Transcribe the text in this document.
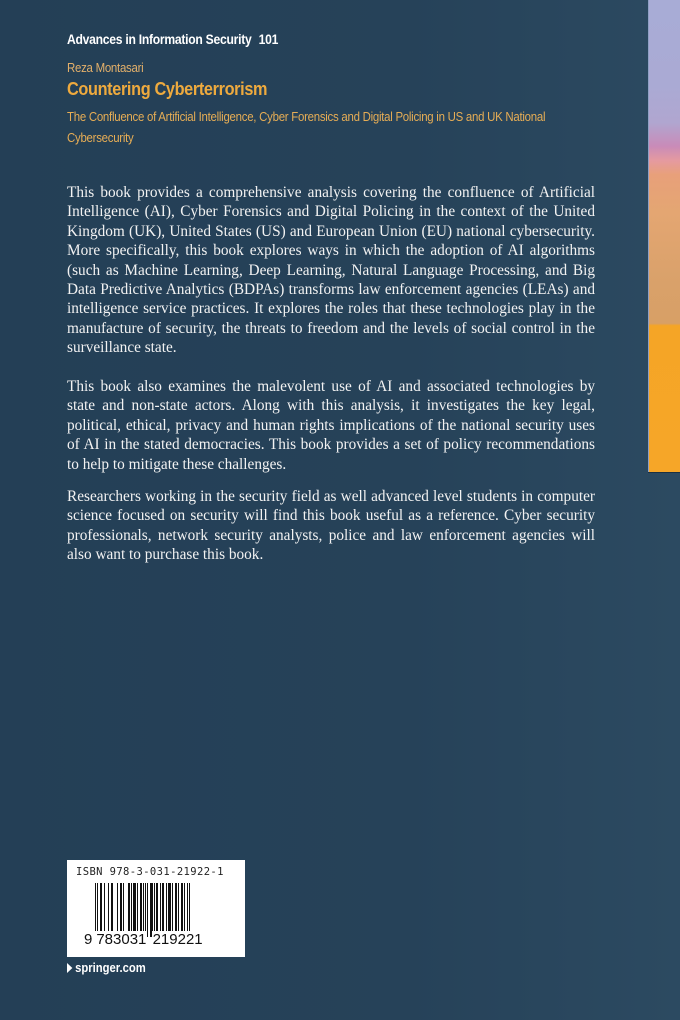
Advances in Information Security 101
Reza Montasari
Countering Cyberterrorism
The Confluence of Artificial Intelligence, Cyber Forensics and Digital Policing in US and UK National Cybersecurity

This book provides a comprehensive analysis covering the confluence of Artificial Intelligence (AI), Cyber Forensics and Digital Policing in the context of the United Kingdom (UK), United States (US) and European Union (EU) national cybersecurity. More specifically, this book explores ways in which the adoption of AI algorithms (such as Machine Learning, Deep Learning, Natural Language Processing, and Big Data Predictive Analytics (BDPAs) transforms law enforcement agencies (LEAs) and intelligence service practices. It explores the roles that these technologies play in the manufacture of security, the threats to freedom and the levels of social control in the surveillance state.

This book also examines the malevolent use of AI and associated technologies by state and non-state actors. Along with this analysis, it investigates the key legal, political, ethical, privacy and human rights implications of the national security uses of AI in the stated democracies. This book provides a set of policy recommendations to help to mitigate these challenges.

Researchers working in the security field as well advanced level students in computer science focused on security will find this book useful as a reference. Cyber security professionals, network security analysts, police and law enforcement agencies will also want to purchase this book.

ISBN 978-3-031-21922-1
9 783031 219221
springer.com
